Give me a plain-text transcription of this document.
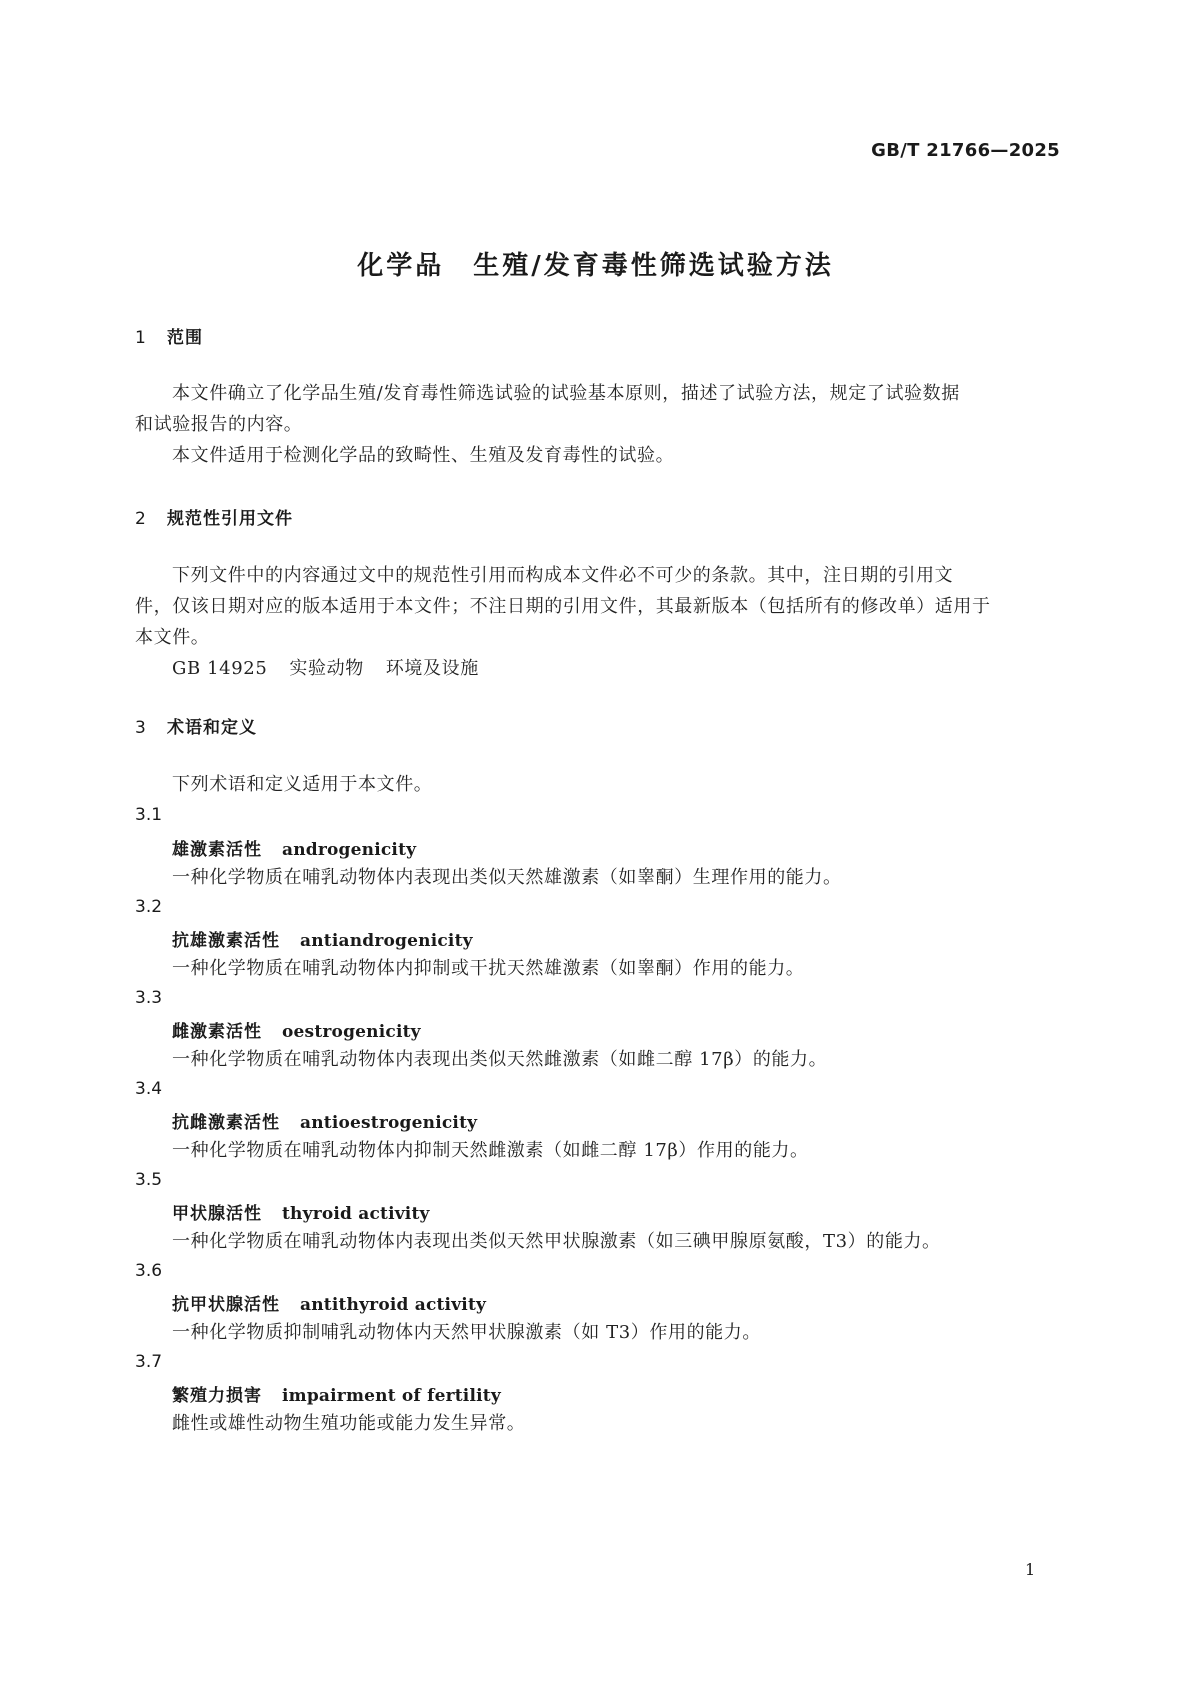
GB/T 21766—2025
化学品　生殖/发育毒性筛选试验方法
1 范围
本文件确立了化学品生殖/发育毒性筛选试验的试验基本原则，描述了试验方法，规定了试验数据
和试验报告的内容。
本文件适用于检测化学品的致畸性、生殖及发育毒性的试验。
2 规范性引用文件
下列文件中的内容通过文中的规范性引用而构成本文件必不可少的条款。其中，注日期的引用文
件，仅该日期对应的版本适用于本文件；不注日期的引用文件，其最新版本（包括所有的修改单）适用于
本文件。
GB 14925 实验动物 环境及设施
3 术语和定义
下列术语和定义适用于本文件。
3.1
雄激素活性 androgenicity
一种化学物质在哺乳动物体内表现出类似天然雄激素（如睾酮）生理作用的能力。
3.2
抗雄激素活性 antiandrogenicity
一种化学物质在哺乳动物体内抑制或干扰天然雄激素（如睾酮）作用的能力。
3.3
雌激素活性 oestrogenicity
一种化学物质在哺乳动物体内表现出类似天然雌激素（如雌二醇 17β）的能力。
3.4
抗雌激素活性 antioestrogenicity
一种化学物质在哺乳动物体内抑制天然雌激素（如雌二醇 17β）作用的能力。
3.5
甲状腺活性 thyroid activity
一种化学物质在哺乳动物体内表现出类似天然甲状腺激素（如三碘甲腺原氨酸，T3）的能力。
3.6
抗甲状腺活性 antithyroid activity
一种化学物质抑制哺乳动物体内天然甲状腺激素（如 T3）作用的能力。
3.7
繁殖力损害 impairment of fertility
雌性或雄性动物生殖功能或能力发生异常。
1
